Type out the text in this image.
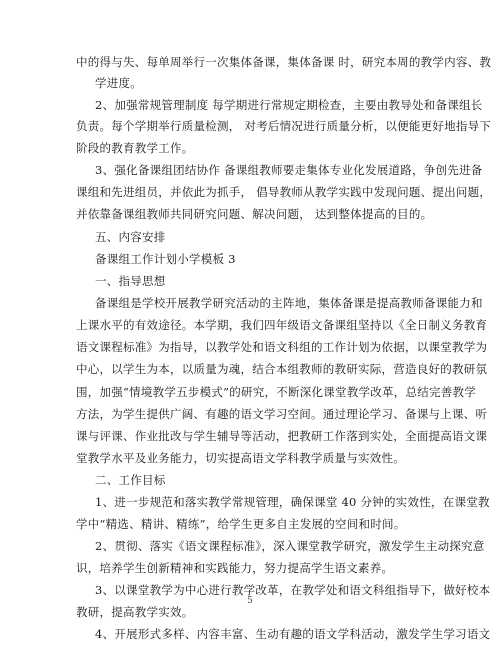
中的得与失、每单周举行一次集体备课，集体备课 时，研究本周的教学内容、教
学进度。
2、加强常规管理制度 每学期进行常规定期检查，主要由教导处和备课组长
负责。每个学期举行质量检测， 对考后情况进行质量分析，以便能更好地指导下
阶段的教育教学工作。
3、强化备课组团结协作 备课组教师要走集体专业化发展道路，争创先进备
课组和先进组员，并依此为抓手， 倡导教师从教学实践中发现问题、提出问题，
并依靠备课组教师共同研究问题、解决问题， 达到整体提高的目的。
五、内容安排
备课组工作计划小学模板 3
一、指导思想
备课组是学校开展教学研究活动的主阵地，集体备课是提高教师备课能力和
上课水平的有效途径。本学期，我们四年级语文备课组坚持以《全日制义务教育
语文课程标准》为指导，以教学处和语文科组的工作计划为依据，以课堂教学为
中心，以学生为本，以质量为魂，结合本组教师的教研实际，营造良好的教研氛
围，加强“情境教学五步模式”的研究，不断深化课堂教学改革，总结完善教学
方法，为学生提供广阔、有趣的语文学习空间。通过理论学习、备课与上课、听
课与评课、作业批改与学生辅导等活动，把教研工作落到实处，全面提高语文课
堂教学水平及业务能力，切实提高语文学科教学质量与实效性。
二、工作目标
1、进一步规范和落实教学常规管理，确保课堂 40 分钟的实效性，在课堂教
学中“精选、精讲、精练”，给学生更多自主发展的空间和时间。
2、贯彻、落实《语文课程标准》，深入课堂教学研究，激发学生主动探究意
识，培养学生创新精神和实践能力，努力提高学生语文素养。
3、以课堂教学为中心进行教学改革，在教学处和语文科组指导下，做好校本
教研，提高教学实效。
4、开展形式多样、内容丰富、生动有趣的语文学科活动，激发学生学习语文
5
